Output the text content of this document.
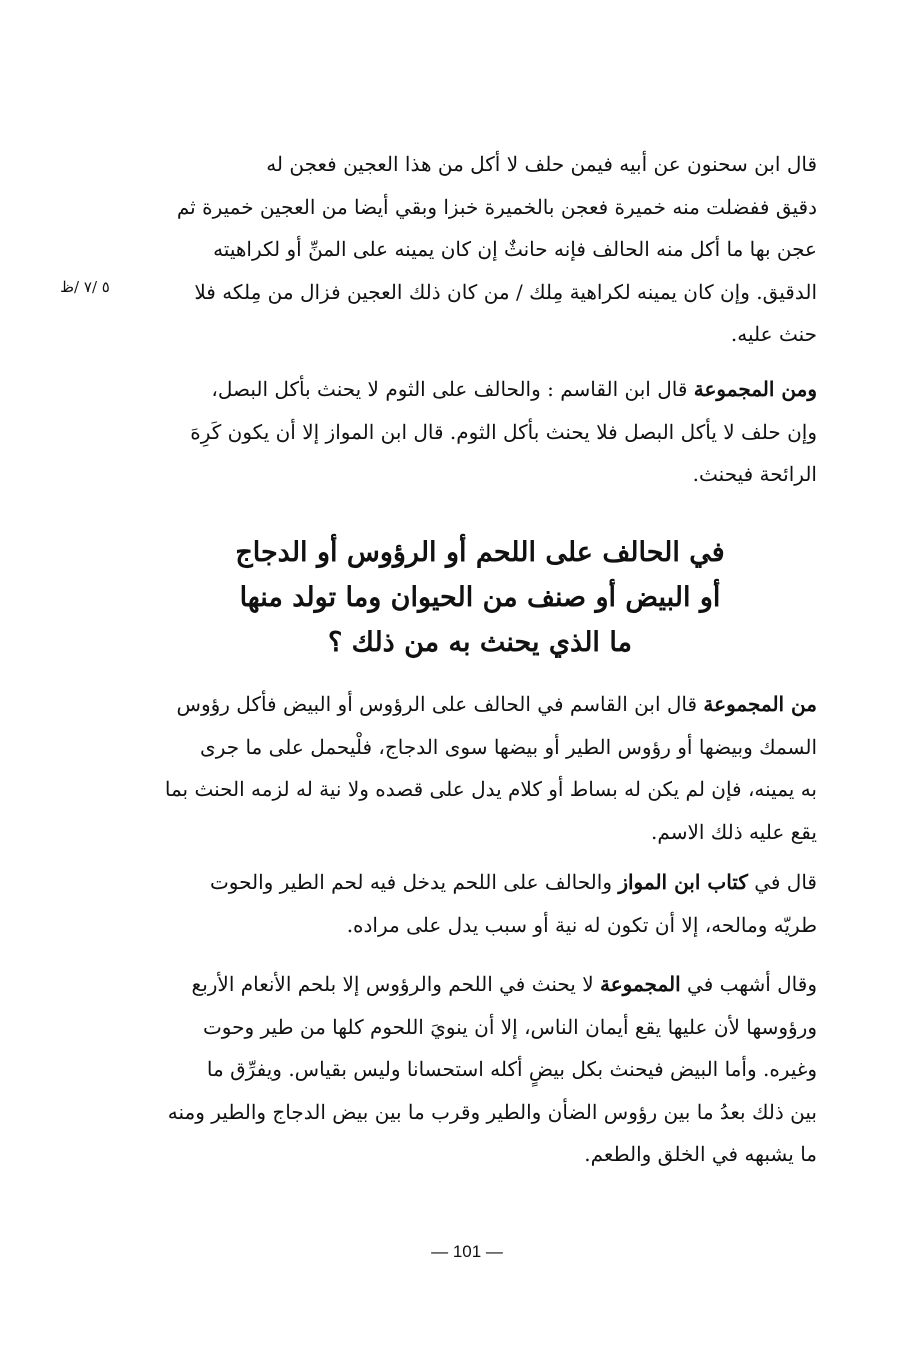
٥ /٧ /ظ
قال ابن سحنون عن أبيه فيمن حلف لا أكل من هذا العجين فعجن له
دقيق ففضلت منه خميرة فعجن بالخميرة خبزا وبقي أيضا من العجين خميرة ثم
عجن بها ما أكل منه الحالف فإنه حانثٌ إن كان يمينه على المنِّ أو لكراهيته
الدقيق. وإن كان يمينه لكراهية مِلك / من كان ذلك العجين فزال من مِلكه فلا
حنث عليه.
ومن المجموعة قال ابن القاسم : والحالف على الثوم لا يحنث بأكل البصل،
وإن حلف لا يأكل البصل فلا يحنث بأكل الثوم. قال ابن المواز إلا أن يكون كَرِهَ
الرائحة فيحنث.
في الحالف على اللحم أو الرؤوس أو الدجاج
أو البيض أو صنف من الحيوان وما تولد منها
ما الذي يحنث به من ذلك ؟
من المجموعة قال ابن القاسم في الحالف على الرؤوس أو البيض فأكل رؤوس
السمك وبيضها أو رؤوس الطير أو بيضها سوى الدجاج، فلْيحمل على ما جرى
به يمينه، فإن لم يكن له بساط أو كلام يدل على قصده ولا نية له لزمه الحنث بما
يقع عليه ذلك الاسم.
قال في كتاب ابن المواز والحالف على اللحم يدخل فيه لحم الطير والحوت
طريّه ومالحه، إلا أن تكون له نية أو سبب يدل على مراده.
وقال أشهب في المجموعة لا يحنث في اللحم والرؤوس إلا بلحم الأنعام الأربع
ورؤوسها لأن عليها يقع أيمان الناس، إلا أن ينويَ اللحوم كلها من طير وحوت
وغيره. وأما البيض فيحنث بكل بيضٍ أكله استحسانا وليس بقياس. ويفرِّق ما
بين ذلك بعدُ ما بين رؤوس الضأن والطير وقرب ما بين بيض الدجاج والطير ومنه
ما يشبهه في الخلق والطعم.
— 101 —
